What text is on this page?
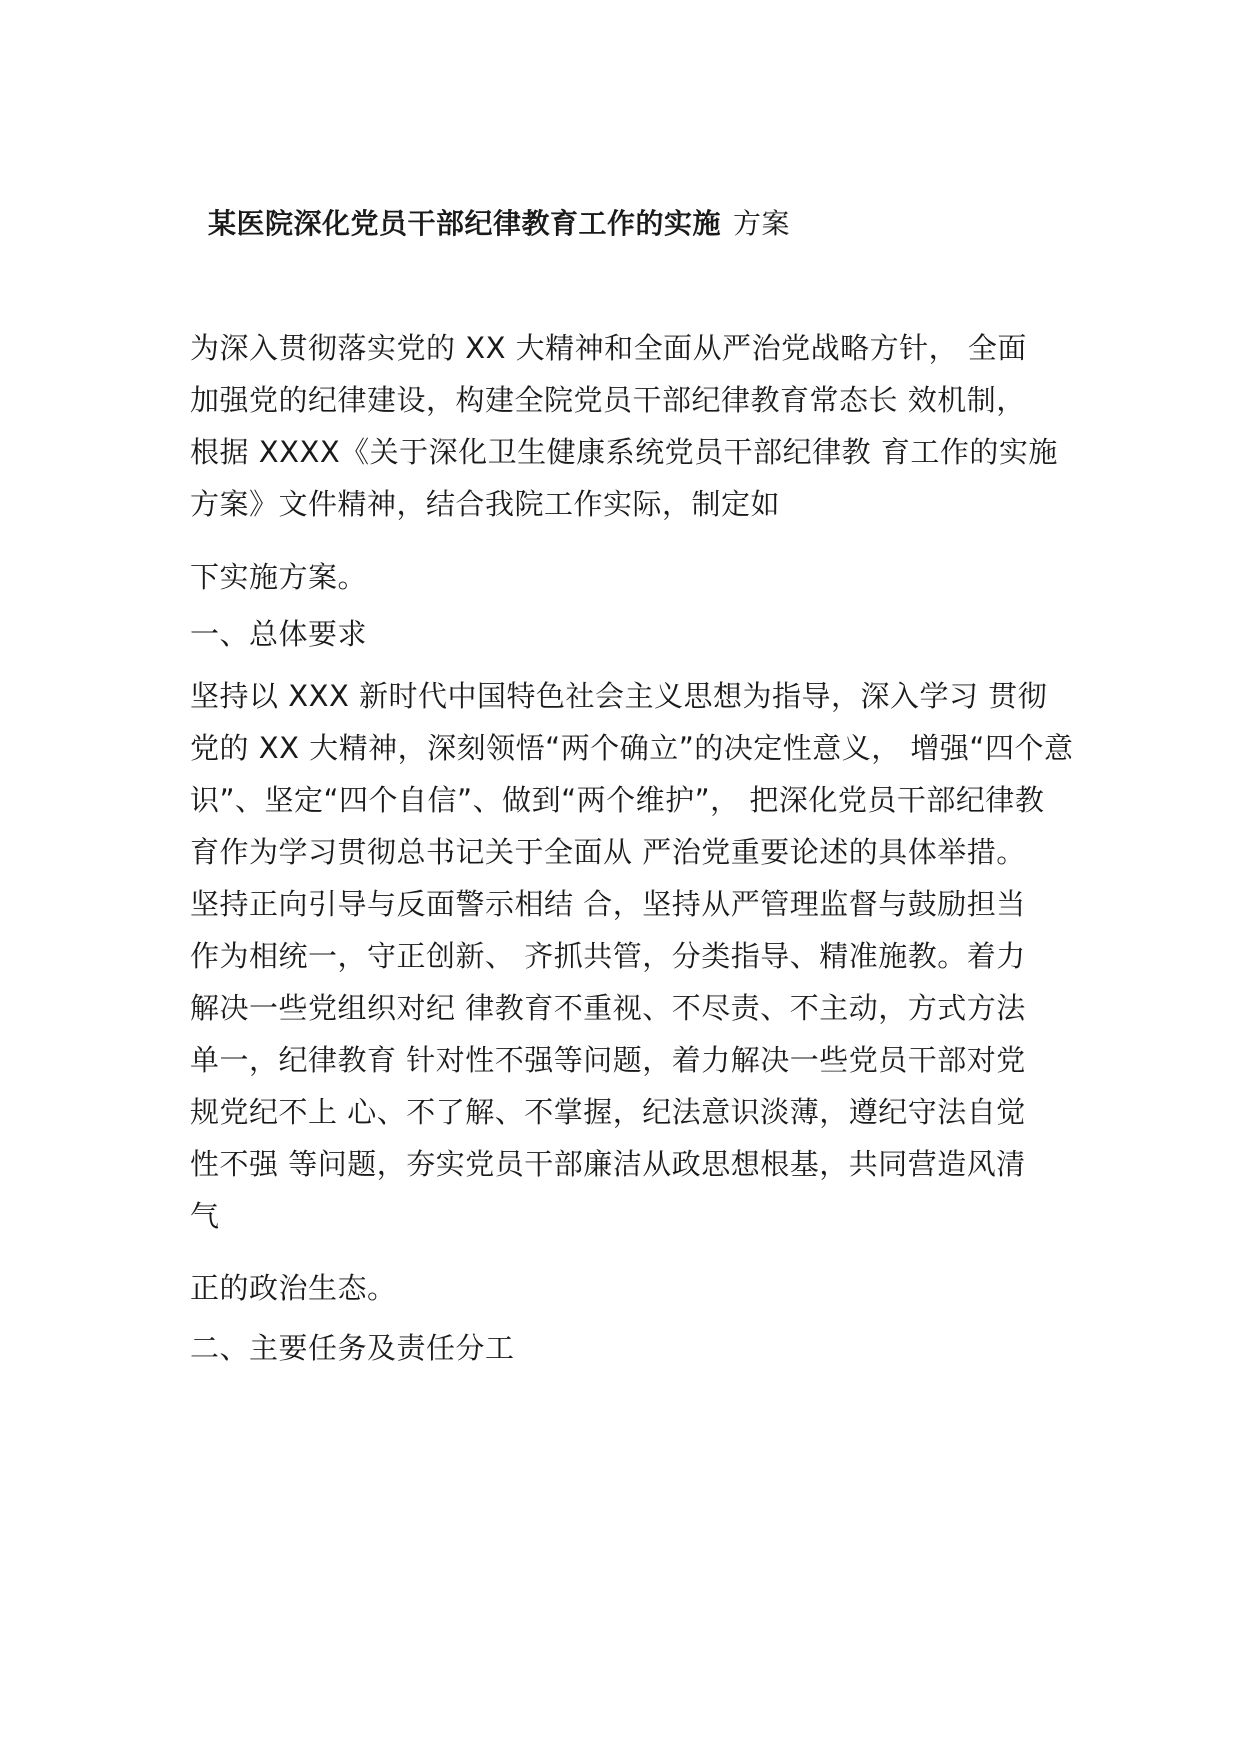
某医院深化党员干部纪律教育工作的实施 方案
为深入贯彻落实党的 XX 大精神和全面从严治党战略方针， 全面
加强党的纪律建设，构建全院党员干部纪律教育常态长 效机制，
根据 XXXX《关于深化卫生健康系统党员干部纪律教 育工作的实施
方案》文件精神，结合我院工作实际，制定如
下实施方案。
一、总体要求
坚持以 XXX 新时代中国特色社会主义思想为指导，深入学习 贯彻
党的 XX 大精神，深刻领悟“两个确立”的决定性意义， 增强“四个意
识”、坚定“四个自信”、做到“两个维护”， 把深化党员干部纪律教
育作为学习贯彻总书记关于全面从 严治党重要论述的具体举措。
坚持正向引导与反面警示相结 合，坚持从严管理监督与鼓励担当
作为相统一，守正创新、 齐抓共管，分类指导、精准施教。着力
解决一些党组织对纪 律教育不重视、不尽责、不主动，方式方法
单一，纪律教育 针对性不强等问题，着力解决一些党员干部对党
规党纪不上 心、不了解、不掌握，纪法意识淡薄，遵纪守法自觉
性不强 等问题，夯实党员干部廉洁从政思想根基，共同营造风清
气
正的政治生态。
二、主要任务及责任分工
